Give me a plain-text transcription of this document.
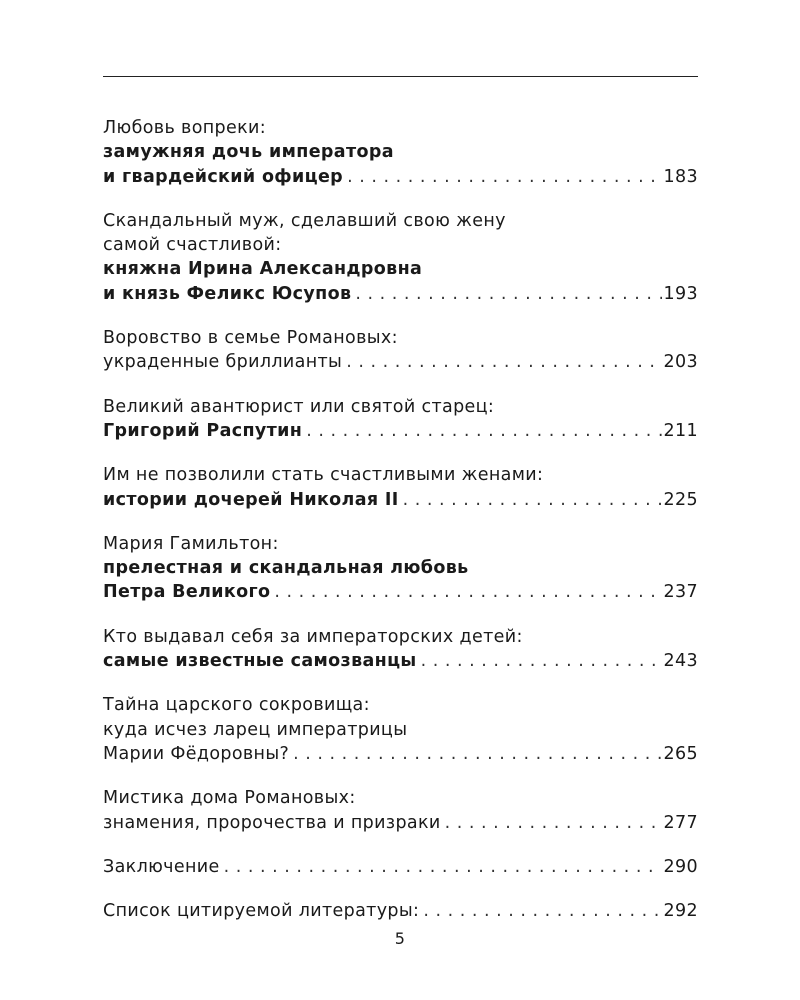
Любовь вопреки:
замужняя дочь императора
и гвардейский офицер . . .	183
Скандальный муж, сделавший свою жену
самой счастливой:
княжна Ирина Александровна
и князь Феликс Юсупов . . .	193
Воровство в семье Романовых:
украденные бриллианты . . .	203
Великий авантюрист или святой старец:
Григорий Распутин . . .	211
Им не позволили стать счастливыми женами:
истории дочерей Николая II . . .	225
Мария Гамильтон:
прелестная и скандальная любовь
Петра Великого . . .	237
Кто выдавал себя за императорских детей:
самые известные самозванцы . . .	243
Тайна царского сокровища:
куда исчез ларец императрицы
Марии Фёдоровны? . . .	265
Мистика дома Романовых:
знамения, пророчества и призраки . . .	277
Заключение . . .	290
Список цитируемой литературы: . . .	292
5
